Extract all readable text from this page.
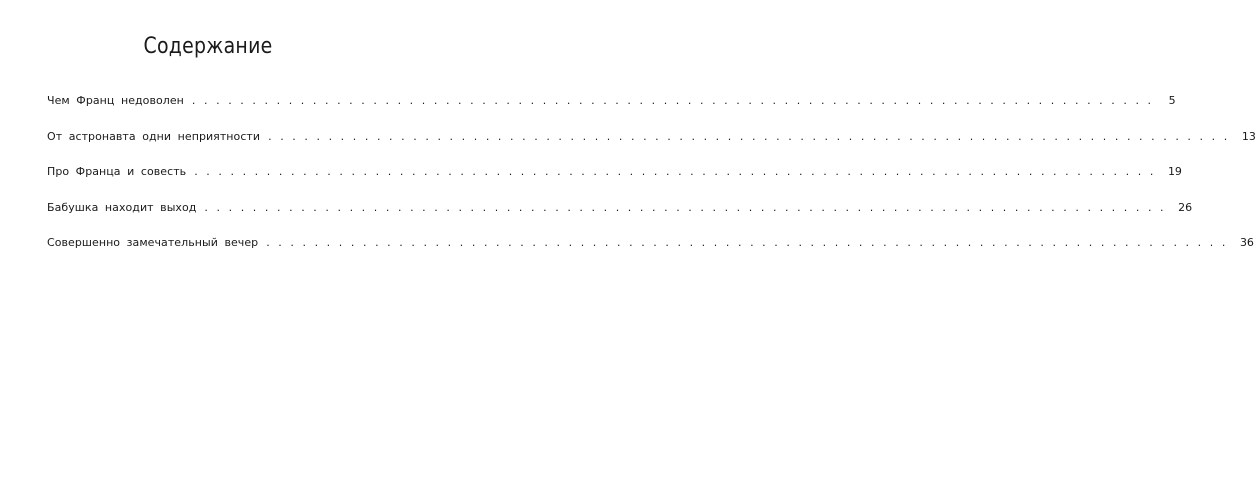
Содержание
Чем Франц недоволен ................................................................................ 5
От астронавта одни неприятности ................................................................................ 13
Про Франца и совесть ................................................................................ 19
Бабушка находит выход ................................................................................ 26
Совершенно замечательный вечер ................................................................................ 36
